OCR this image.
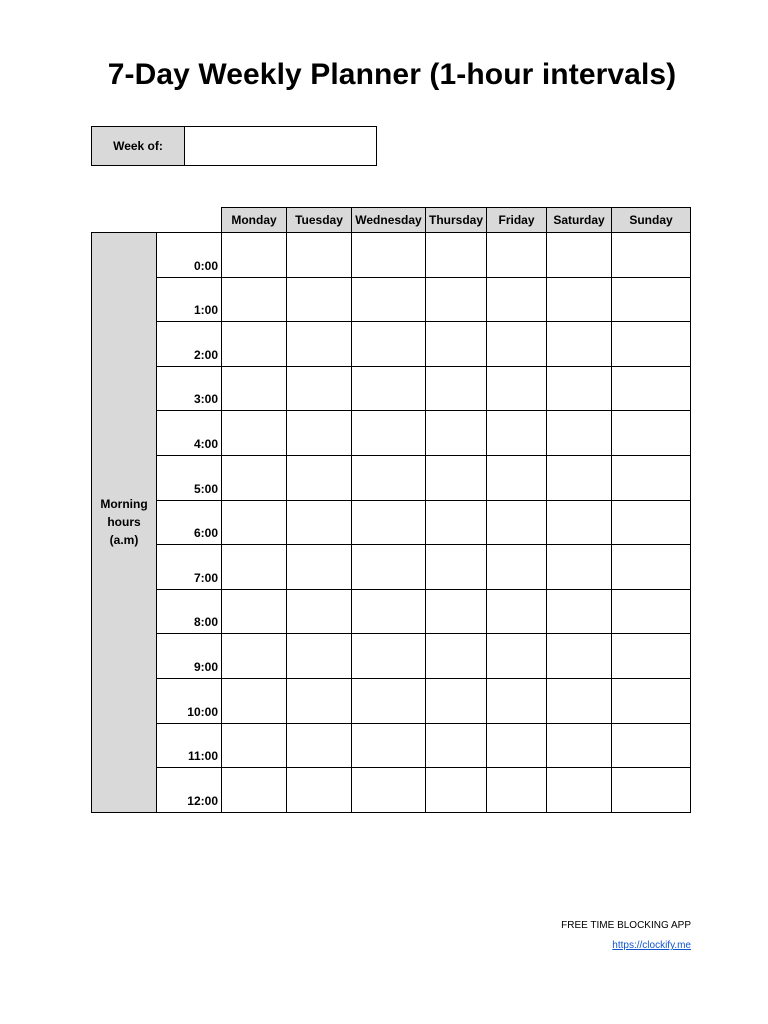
7-Day Weekly Planner (1-hour intervals)
Week of:	
		Monday	Tuesday	Wednesday	Thursday	Friday	Saturday	Sunday

Morning
hours
(a.m)	0:00							
	1:00							
	2:00							
	3:00							
	4:00							
	5:00							
	6:00							
	7:00							
	8:00							
	9:00							
	10:00							
	11:00							
	12:00							
FREE TIME BLOCKING APP
https://clockify.me
